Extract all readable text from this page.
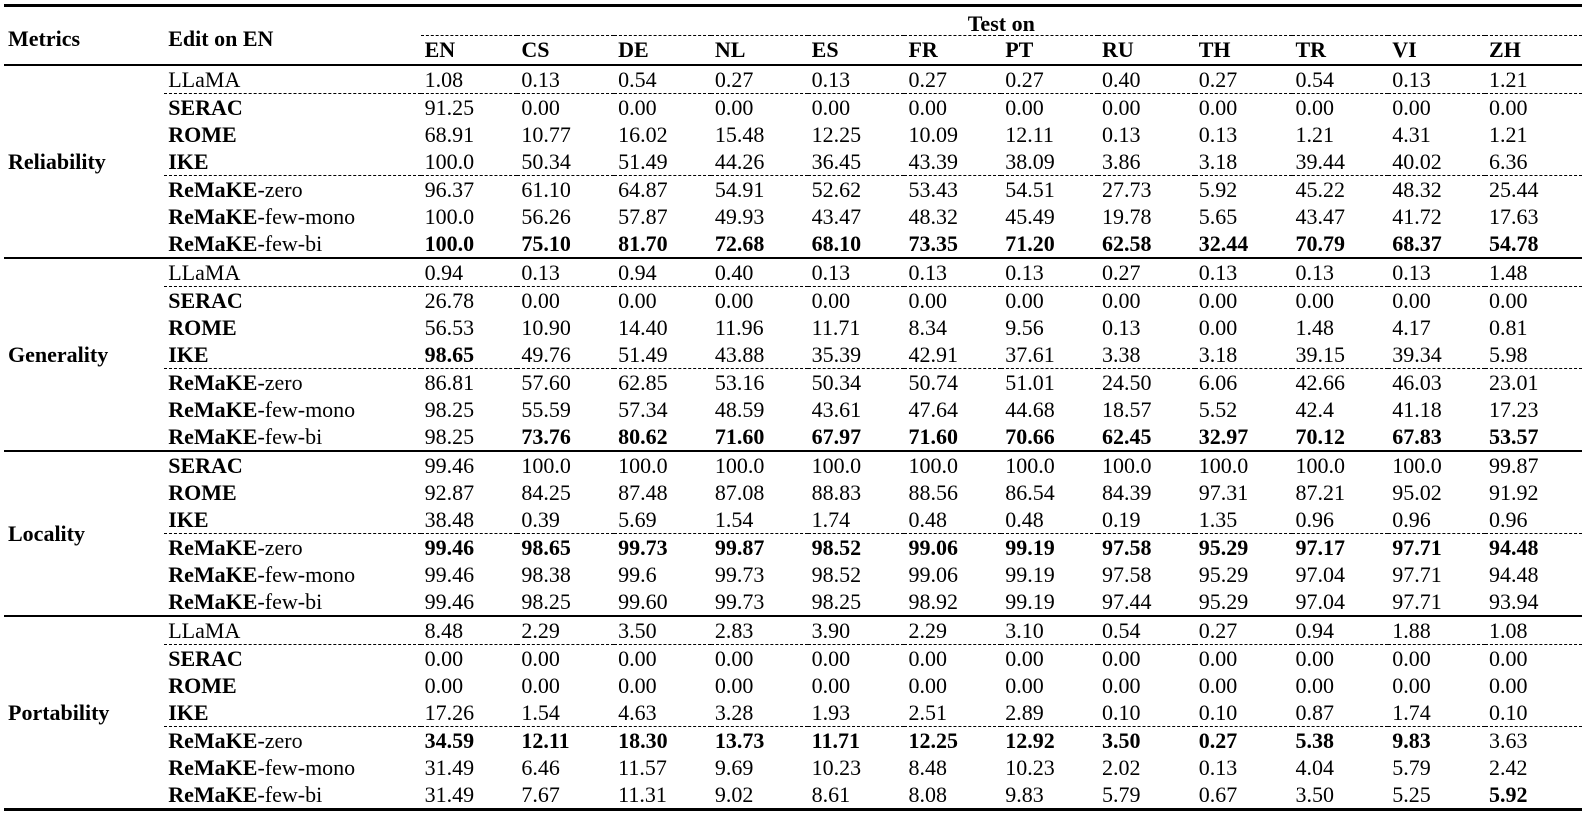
Metrics	Edit on EN	Test on											
		EN	CS	DE	NL	ES	FR	PT	RU	TH	TR	VI	ZH
Reliability	LLaMA	1.08	0.13	0.54	0.27	0.13	0.27	0.27	0.40	0.27	0.54	0.13	1.21
	SERAC	91.25	0.00	0.00	0.00	0.00	0.00	0.00	0.00	0.00	0.00	0.00	0.00
	ROME	68.91	10.77	16.02	15.48	12.25	10.09	12.11	0.13	0.13	1.21	4.31	1.21
	IKE	100.0	50.34	51.49	44.26	36.45	43.39	38.09	3.86	3.18	39.44	40.02	6.36
	ReMaKE-zero	96.37	61.10	64.87	54.91	52.62	53.43	54.51	27.73	5.92	45.22	48.32	25.44
	ReMaKE-few-mono	100.0	56.26	57.87	49.93	43.47	48.32	45.49	19.78	5.65	43.47	41.72	17.63
	ReMaKE-few-bi	100.0	75.10	81.70	72.68	68.10	73.35	71.20	62.58	32.44	70.79	68.37	54.78
Generality	LLaMA	0.94	0.13	0.94	0.40	0.13	0.13	0.13	0.27	0.13	0.13	0.13	1.48
	SERAC	26.78	0.00	0.00	0.00	0.00	0.00	0.00	0.00	0.00	0.00	0.00	0.00
	ROME	56.53	10.90	14.40	11.96	11.71	8.34	9.56	0.13	0.00	1.48	4.17	0.81
	IKE	98.65	49.76	51.49	43.88	35.39	42.91	37.61	3.38	3.18	39.15	39.34	5.98
	ReMaKE-zero	86.81	57.60	62.85	53.16	50.34	50.74	51.01	24.50	6.06	42.66	46.03	23.01
	ReMaKE-few-mono	98.25	55.59	57.34	48.59	43.61	47.64	44.68	18.57	5.52	42.4	41.18	17.23
	ReMaKE-few-bi	98.25	73.76	80.62	71.60	67.97	71.60	70.66	62.45	32.97	70.12	67.83	53.57
Locality	SERAC	99.46	100.0	100.0	100.0	100.0	100.0	100.0	100.0	100.0	100.0	100.0	99.87
	ROME	92.87	84.25	87.48	87.08	88.83	88.56	86.54	84.39	97.31	87.21	95.02	91.92
	IKE	38.48	0.39	5.69	1.54	1.74	0.48	0.48	0.19	1.35	0.96	0.96	0.96
	ReMaKE-zero	99.46	98.65	99.73	99.87	98.52	99.06	99.19	97.58	95.29	97.17	97.71	94.48
	ReMaKE-few-mono	99.46	98.38	99.6	99.73	98.52	99.06	99.19	97.58	95.29	97.04	97.71	94.48
	ReMaKE-few-bi	99.46	98.25	99.60	99.73	98.25	98.92	99.19	97.44	95.29	97.04	97.71	93.94
Portability	LLaMA	8.48	2.29	3.50	2.83	3.90	2.29	3.10	0.54	0.27	0.94	1.88	1.08
	SERAC	0.00	0.00	0.00	0.00	0.00	0.00	0.00	0.00	0.00	0.00	0.00	0.00
	ROME	0.00	0.00	0.00	0.00	0.00	0.00	0.00	0.00	0.00	0.00	0.00	0.00
	IKE	17.26	1.54	4.63	3.28	1.93	2.51	2.89	0.10	0.10	0.87	1.74	0.10
	ReMaKE-zero	34.59	12.11	18.30	13.73	11.71	12.25	12.92	3.50	0.27	5.38	9.83	3.63
	ReMaKE-few-mono	31.49	6.46	11.57	9.69	10.23	8.48	10.23	2.02	0.13	4.04	5.79	2.42
	ReMaKE-few-bi	31.49	7.67	11.31	9.02	8.61	8.08	9.83	5.79	0.67	3.50	5.25	5.92
